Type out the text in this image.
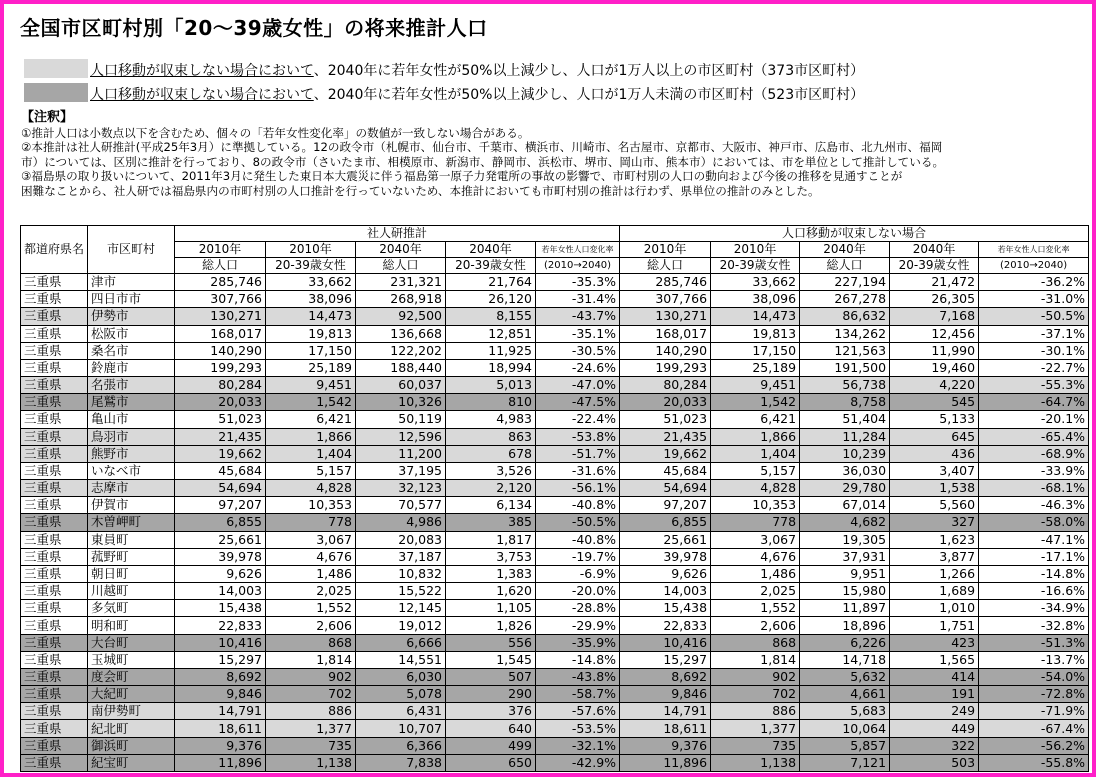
全国市区町村別「20～39歳女性」の将来推計人口
人口移動が収束しない場合において、2040年に若年女性が50%以上減少し、人口が1万人以上の市区町村（373市区町村）
人口移動が収束しない場合において、2040年に若年女性が50%以上減少し、人口が1万人未満の市区町村（523市区町村）
【注釈】
①推計人口は小数点以下を含むため、個々の「若年女性変化率」の数値が一致しない場合がある。
②本推計は社人研推計(平成25年3月）に準拠している。12の政令市（札幌市、仙台市、千葉市、横浜市、川崎市、名古屋市、京都市、大阪市、神戸市、広島市、北九州市、福岡
市）については、区別に推計を行っており、8の政令市（さいたま市、相模原市、新潟市、静岡市、浜松市、堺市、岡山市、熊本市）においては、市を単位として推計している。
③福島県の取り扱いについて、2011年3月に発生した東日本大震災に伴う福島第一原子力発電所の事故の影響で、市町村別の人口の動向および今後の推移を見通すことが
困難なことから、社人研では福島県内の市町村別の人口推計を行っていないため、本推計においても市町村別の推計は行わず、県単位の推計のみとした。
都道府県名	市区町村	社人研推計					人口移動が収束しない場合				
		2010年	2010年	2040年	2040年	若年女性人口変化率	2010年	2010年	2040年	2040年	若年女性人口変化率
		総人口	20-39歳女性	総人口	20-39歳女性	(2010→2040)	総人口	20-39歳女性	総人口	20-39歳女性	(2010→2040)
三重県	津市	285,746	33,662	231,321	21,764	-35.3%	285,746	33,662	227,194	21,472	-36.2%
三重県	四日市市	307,766	38,096	268,918	26,120	-31.4%	307,766	38,096	267,278	26,305	-31.0%
三重県	伊勢市	130,271	14,473	92,500	8,155	-43.7%	130,271	14,473	86,632	7,168	-50.5%
三重県	松阪市	168,017	19,813	136,668	12,851	-35.1%	168,017	19,813	134,262	12,456	-37.1%
三重県	桑名市	140,290	17,150	122,202	11,925	-30.5%	140,290	17,150	121,563	11,990	-30.1%
三重県	鈴鹿市	199,293	25,189	188,440	18,994	-24.6%	199,293	25,189	191,500	19,460	-22.7%
三重県	名張市	80,284	9,451	60,037	5,013	-47.0%	80,284	9,451	56,738	4,220	-55.3%
三重県	尾鷲市	20,033	1,542	10,326	810	-47.5%	20,033	1,542	8,758	545	-64.7%
三重県	亀山市	51,023	6,421	50,119	4,983	-22.4%	51,023	6,421	51,404	5,133	-20.1%
三重県	鳥羽市	21,435	1,866	12,596	863	-53.8%	21,435	1,866	11,284	645	-65.4%
三重県	熊野市	19,662	1,404	11,200	678	-51.7%	19,662	1,404	10,239	436	-68.9%
三重県	いなべ市	45,684	5,157	37,195	3,526	-31.6%	45,684	5,157	36,030	3,407	-33.9%
三重県	志摩市	54,694	4,828	32,123	2,120	-56.1%	54,694	4,828	29,780	1,538	-68.1%
三重県	伊賀市	97,207	10,353	70,577	6,134	-40.8%	97,207	10,353	67,014	5,560	-46.3%
三重県	木曽岬町	6,855	778	4,986	385	-50.5%	6,855	778	4,682	327	-58.0%
三重県	東員町	25,661	3,067	20,083	1,817	-40.8%	25,661	3,067	19,305	1,623	-47.1%
三重県	菰野町	39,978	4,676	37,187	3,753	-19.7%	39,978	4,676	37,931	3,877	-17.1%
三重県	朝日町	9,626	1,486	10,832	1,383	-6.9%	9,626	1,486	9,951	1,266	-14.8%
三重県	川越町	14,003	2,025	15,522	1,620	-20.0%	14,003	2,025	15,980	1,689	-16.6%
三重県	多気町	15,438	1,552	12,145	1,105	-28.8%	15,438	1,552	11,897	1,010	-34.9%
三重県	明和町	22,833	2,606	19,012	1,826	-29.9%	22,833	2,606	18,896	1,751	-32.8%
三重県	大台町	10,416	868	6,666	556	-35.9%	10,416	868	6,226	423	-51.3%
三重県	玉城町	15,297	1,814	14,551	1,545	-14.8%	15,297	1,814	14,718	1,565	-13.7%
三重県	度会町	8,692	902	6,030	507	-43.8%	8,692	902	5,632	414	-54.0%
三重県	大紀町	9,846	702	5,078	290	-58.7%	9,846	702	4,661	191	-72.8%
三重県	南伊勢町	14,791	886	6,431	376	-57.6%	14,791	886	5,683	249	-71.9%
三重県	紀北町	18,611	1,377	10,707	640	-53.5%	18,611	1,377	10,064	449	-67.4%
三重県	御浜町	9,376	735	6,366	499	-32.1%	9,376	735	5,857	322	-56.2%
三重県	紀宝町	11,896	1,138	7,838	650	-42.9%	11,896	1,138	7,121	503	-55.8%
